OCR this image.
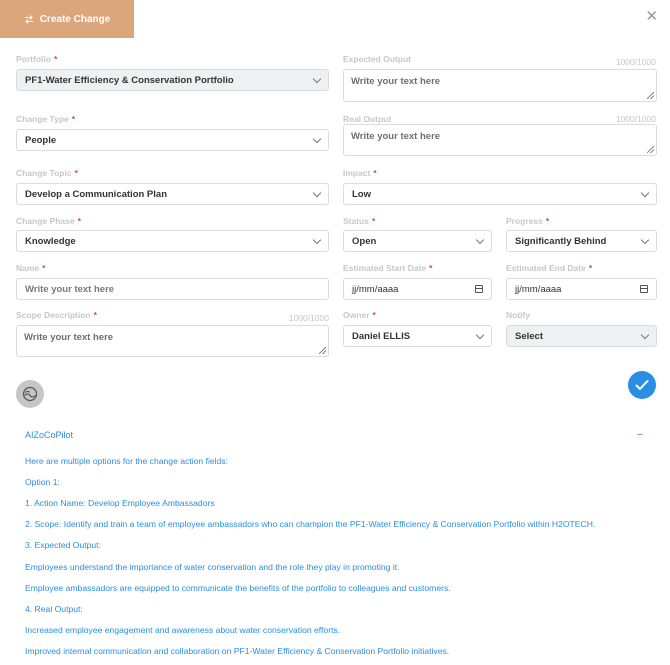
Create Change	✕
Portfolio *
PF1-Water Efficiency & Conservation Portfolio
Expected Output	1000/1000
Write your text here
Change Type *
People
Real Output	1000/1000
Write your text here
Change Topic *
Develop a Communication Plan
Impact *
Low
Change Phase *
Knowledge
Status *
Open
Progress *
Significantly Behind
Name *
Write your text here
Estimated Start Date *
jj/mm/aaaa
Estimated End Date *
jj/mm/aaaa
Scope Description *	1000/1000
Write your text here
Owner *
Daniel ELLIS
Notify
Select
AIZoCoPilot	–
Here are multiple options for the change action fields:
Option 1:
1. Action Name: Develop Employee Ambassadors
2. Scope: Identify and train a team of employee ambassadors who can champion the PF1-Water Efficiency & Conservation Portfolio within H2OTECH.
3. Expected Output:
Employees understand the importance of water conservation and the role they play in promoting it.
Employee ambassadors are equipped to communicate the benefits of the portfolio to colleagues and customers.
4. Real Output:
Increased employee engagement and awareness about water conservation efforts.
Improved internal communication and collaboration on PF1-Water Efficiency & Conservation Portfolio initiatives.
